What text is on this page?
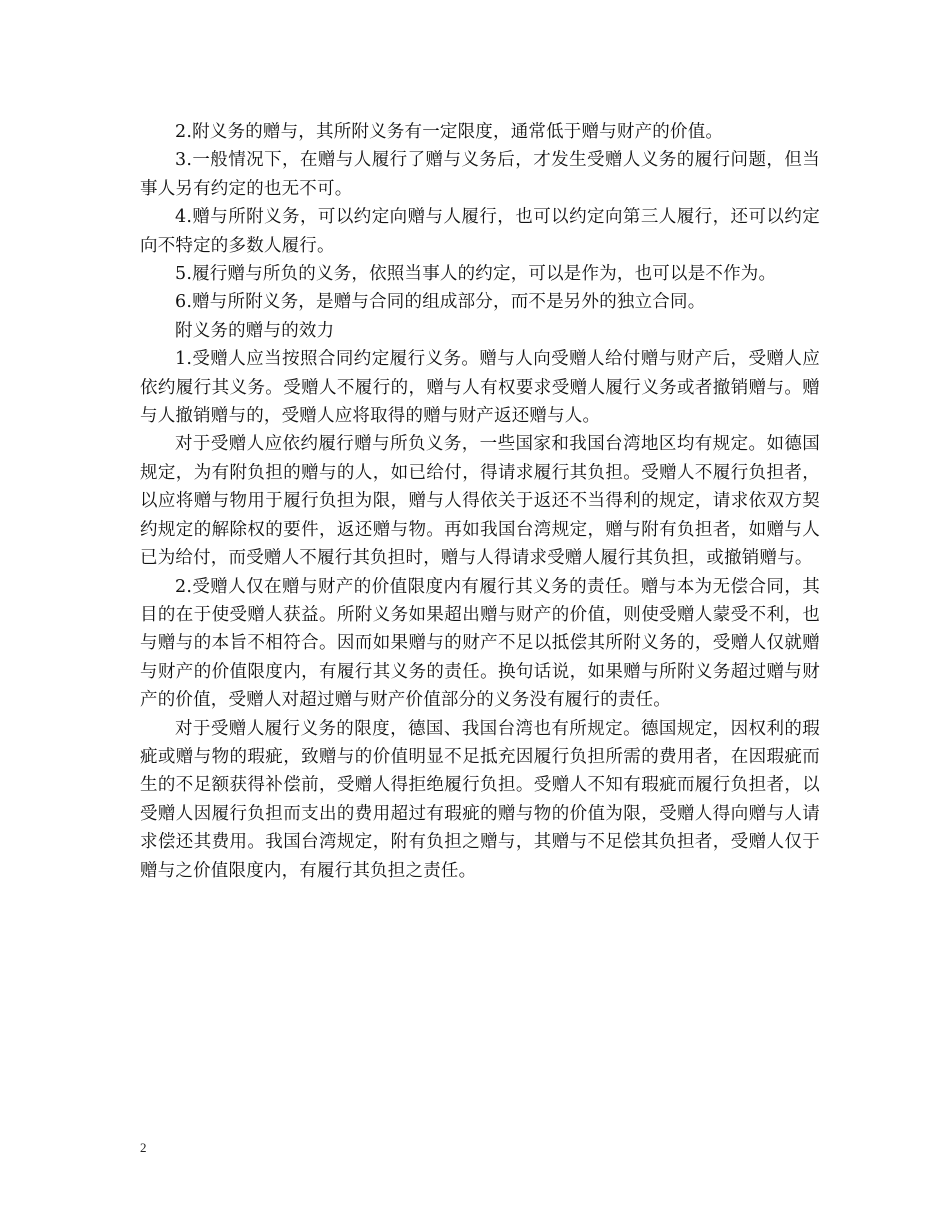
2.附义务的赠与，其所附义务有一定限度，通常低于赠与财产的价值。

3.一般情况下，在赠与人履行了赠与义务后，才发生受赠人义务的履行问题，但当事人另有约定的也无不可。

4.赠与所附义务，可以约定向赠与人履行，也可以约定向第三人履行，还可以约定向不特定的多数人履行。

5.履行赠与所负的义务，依照当事人的约定，可以是作为，也可以是不作为。

6.赠与所附义务，是赠与合同的组成部分，而不是另外的独立合同。

附义务的赠与的效力

1.受赠人应当按照合同约定履行义务。赠与人向受赠人给付赠与财产后，受赠人应依约履行其义务。受赠人不履行的，赠与人有权要求受赠人履行义务或者撤销赠与。赠与人撤销赠与的，受赠人应将取得的赠与财产返还赠与人。

对于受赠人应依约履行赠与所负义务，一些国家和我国台湾地区均有规定。如德国规定，为有附负担的赠与的人，如已给付，得请求履行其负担。受赠人不履行负担者，以应将赠与物用于履行负担为限，赠与人得依关于返还不当得利的规定，请求依双方契约规定的解除权的要件，返还赠与物。再如我国台湾规定，赠与附有负担者，如赠与人已为给付，而受赠人不履行其负担时，赠与人得请求受赠人履行其负担，或撤销赠与。

2.受赠人仅在赠与财产的价值限度内有履行其义务的责任。赠与本为无偿合同，其目的在于使受赠人获益。所附义务如果超出赠与财产的价值，则使受赠人蒙受不利，也与赠与的本旨不相符合。因而如果赠与的财产不足以抵偿其所附义务的，受赠人仅就赠与财产的价值限度内，有履行其义务的责任。换句话说，如果赠与所附义务超过赠与财产的价值，受赠人对超过赠与财产价值部分的义务没有履行的责任。

对于受赠人履行义务的限度，德国、我国台湾也有所规定。德国规定，因权利的瑕疵或赠与物的瑕疵，致赠与的价值明显不足抵充因履行负担所需的费用者，在因瑕疵而生的不足额获得补偿前，受赠人得拒绝履行负担。受赠人不知有瑕疵而履行负担者，以受赠人因履行负担而支出的费用超过有瑕疵的赠与物的价值为限，受赠人得向赠与人请求偿还其费用。我国台湾规定，附有负担之赠与，其赠与不足偿其负担者，受赠人仅于赠与之价值限度内，有履行其负担之责任。

2
